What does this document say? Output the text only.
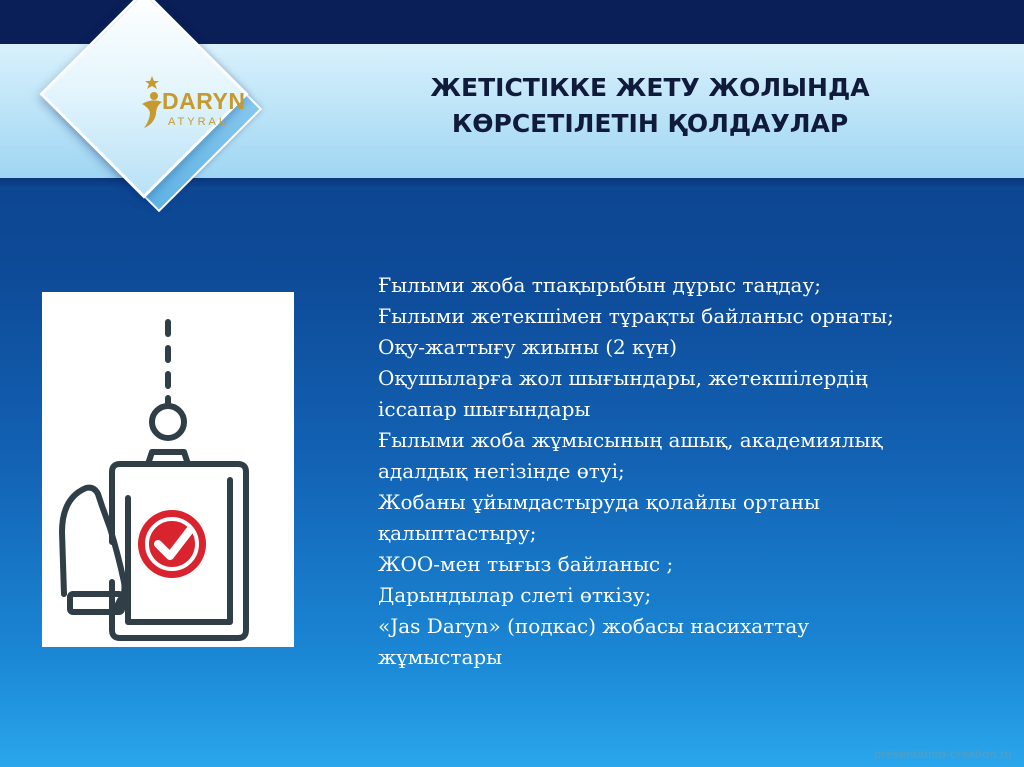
DARYN
ATYRAU
ЖЕТІСТІККЕ ЖЕТУ ЖОЛЫНДА
КӨРСЕТІЛЕТІН ҚОЛДАУЛАР
Ғылыми жоба тпақырыбын дұрыс таңдау;
Ғылыми жетекшімен тұрақты байланыс орнаты;
Оқу-жаттығу жиыны (2 күн)
Оқушыларға жол шығындары, жетекшілердің
іссапар шығындары
Ғылыми жоба жұмысының ашық, академиялық
адалдық негізінде өтуі;
Жобаны ұйымдастыруда қолайлы ортаны
қалыптастыру;
ЖОО-мен тығыз байланыс ;
Дарындылар слеті өткізу;
«Jas Daryn» (подкас) жобасы насихаттау
жұмыстары
presentation-creation.ru
